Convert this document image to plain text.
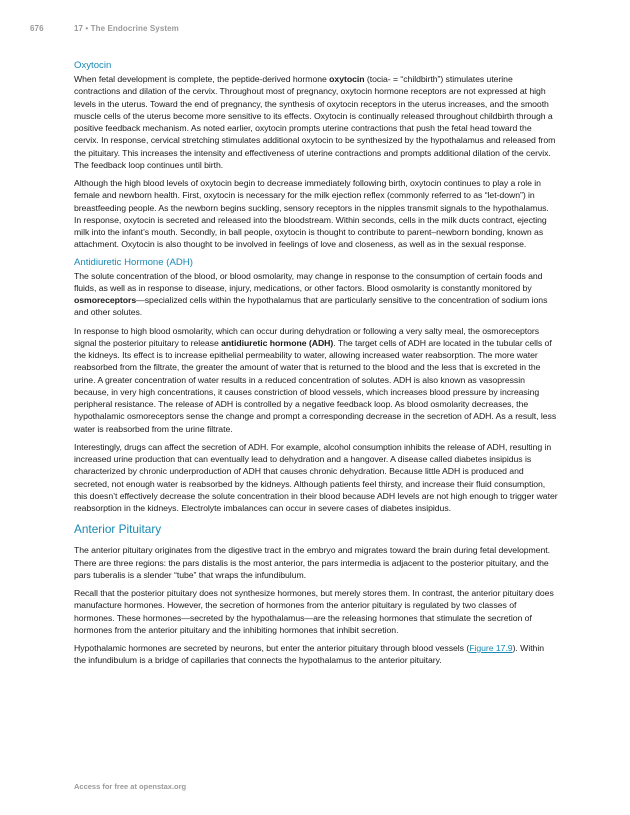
676	17 • The Endocrine System
Oxytocin

When fetal development is complete, the peptide-derived hormone oxytocin (tocia- = “childbirth”) stimulates uterine contractions and dilation of the cervix. Throughout most of pregnancy, oxytocin hormone receptors are not expressed at high levels in the uterus. Toward the end of pregnancy, the synthesis of oxytocin receptors in the uterus increases, and the smooth muscle cells of the uterus become more sensitive to its effects. Oxytocin is continually released throughout childbirth through a positive feedback mechanism. As noted earlier, oxytocin prompts uterine contractions that push the fetal head toward the cervix. In response, cervical stretching stimulates additional oxytocin to be synthesized by the hypothalamus and released from the pituitary. This increases the intensity and effectiveness of uterine contractions and prompts additional dilation of the cervix. The feedback loop continues until birth.

Although the high blood levels of oxytocin begin to decrease immediately following birth, oxytocin continues to play a role in female and newborn health. First, oxytocin is necessary for the milk ejection reflex (commonly referred to as “let-down”) in breastfeeding people. As the newborn begins suckling, sensory receptors in the nipples transmit signals to the hypothalamus. In response, oxytocin is secreted and released into the bloodstream. Within seconds, cells in the milk ducts contract, ejecting milk into the infant’s mouth. Secondly, in ball people, oxytocin is thought to contribute to parent–newborn bonding, known as attachment. Oxytocin is also thought to be involved in feelings of love and closeness, as well as in the sexual response.

Antidiuretic Hormone (ADH)

The solute concentration of the blood, or blood osmolarity, may change in response to the consumption of certain foods and fluids, as well as in response to disease, injury, medications, or other factors. Blood osmolarity is constantly monitored by osmoreceptors—specialized cells within the hypothalamus that are particularly sensitive to the concentration of sodium ions and other solutes.

In response to high blood osmolarity, which can occur during dehydration or following a very salty meal, the osmoreceptors signal the posterior pituitary to release antidiuretic hormone (ADH). The target cells of ADH are located in the tubular cells of the kidneys. Its effect is to increase epithelial permeability to water, allowing increased water reabsorption. The more water reabsorbed from the filtrate, the greater the amount of water that is returned to the blood and the less that is excreted in the urine. A greater concentration of water results in a reduced concentration of solutes. ADH is also known as vasopressin because, in very high concentrations, it causes constriction of blood vessels, which increases blood pressure by increasing peripheral resistance. The release of ADH is controlled by a negative feedback loop. As blood osmolarity decreases, the hypothalamic osmoreceptors sense the change and prompt a corresponding decrease in the secretion of ADH. As a result, less water is reabsorbed from the urine filtrate.

Interestingly, drugs can affect the secretion of ADH. For example, alcohol consumption inhibits the release of ADH, resulting in increased urine production that can eventually lead to dehydration and a hangover. A disease called diabetes insipidus is characterized by chronic underproduction of ADH that causes chronic dehydration. Because little ADH is produced and secreted, not enough water is reabsorbed by the kidneys. Although patients feel thirsty, and increase their fluid consumption, this doesn’t effectively decrease the solute concentration in their blood because ADH levels are not high enough to trigger water reabsorption in the kidneys. Electrolyte imbalances can occur in severe cases of diabetes insipidus.

Anterior Pituitary

The anterior pituitary originates from the digestive tract in the embryo and migrates toward the brain during fetal development. There are three regions: the pars distalis is the most anterior, the pars intermedia is adjacent to the posterior pituitary, and the pars tuberalis is a slender “tube” that wraps the infundibulum.

Recall that the posterior pituitary does not synthesize hormones, but merely stores them. In contrast, the anterior pituitary does manufacture hormones. However, the secretion of hormones from the anterior pituitary is regulated by two classes of hormones. These hormones—secreted by the hypothalamus—are the releasing hormones that stimulate the secretion of hormones from the anterior pituitary and the inhibiting hormones that inhibit secretion.

Hypothalamic hormones are secreted by neurons, but enter the anterior pituitary through blood vessels (Figure 17.9). Within the infundibulum is a bridge of capillaries that connects the hypothalamus to the anterior pituitary.

Access for free at openstax.org
